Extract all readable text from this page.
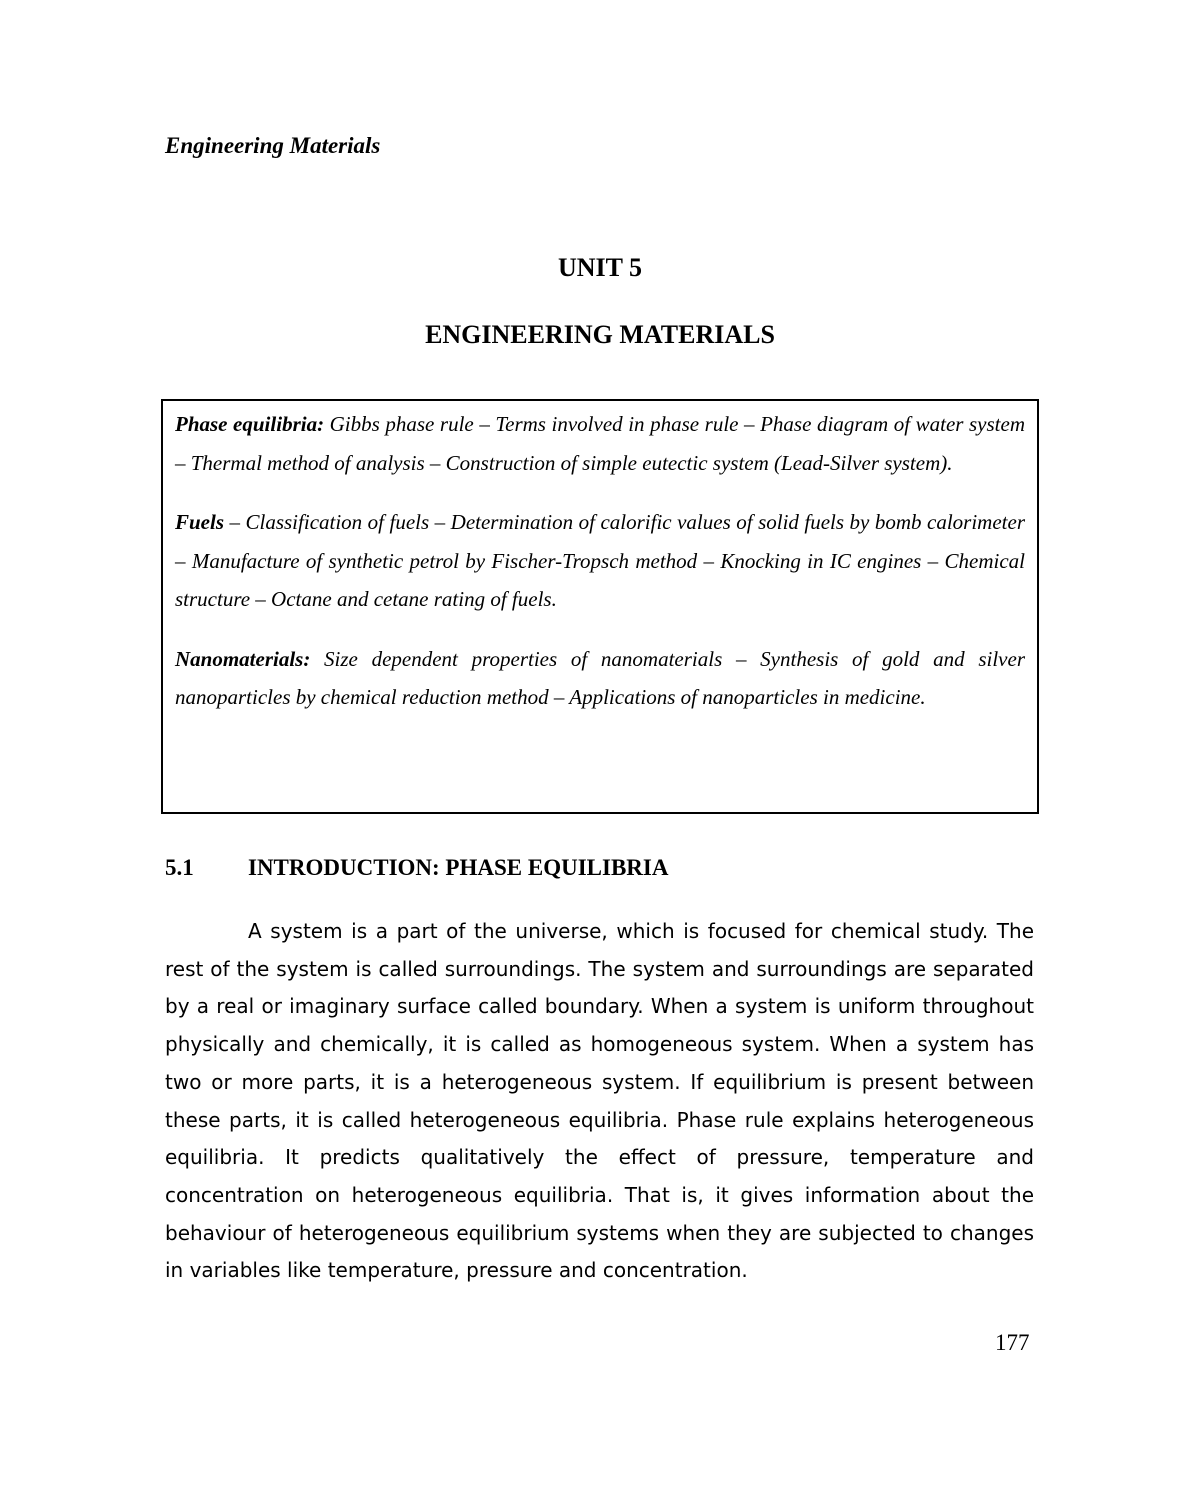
Engineering Materials
UNIT 5
ENGINEERING MATERIALS

Phase equilibria: Gibbs phase rule – Terms involved in phase rule – Phase diagram of water system – Thermal method of analysis – Construction of simple eutectic system (Lead-Silver system).

Fuels – Classification of fuels – Determination of calorific values of solid fuels by bomb calorimeter – Manufacture of synthetic petrol by Fischer-Tropsch method – Knocking in IC engines – Chemical structure – Octane and cetane rating of fuels.

Nanomaterials: Size dependent properties of nanomaterials – Synthesis of gold and silver nanoparticles by chemical reduction method – Applications of nanoparticles in medicine.

5.1 INTRODUCTION: PHASE EQUILIBRIA

A system is a part of the universe, which is focused for chemical study. The rest of the system is called surroundings. The system and surroundings are separated by a real or imaginary surface called boundary. When a system is uniform throughout physically and chemically, it is called as homogeneous system. When a system has two or more parts, it is a heterogeneous system. If equilibrium is present between these parts, it is called heterogeneous equilibria. Phase rule explains heterogeneous equilibria. It predicts qualitatively the effect of pressure, temperature and concentration on heterogeneous equilibria. That is, it gives information about the behaviour of heterogeneous equilibrium systems when they are subjected to changes in variables like temperature, pressure and concentration.

177
